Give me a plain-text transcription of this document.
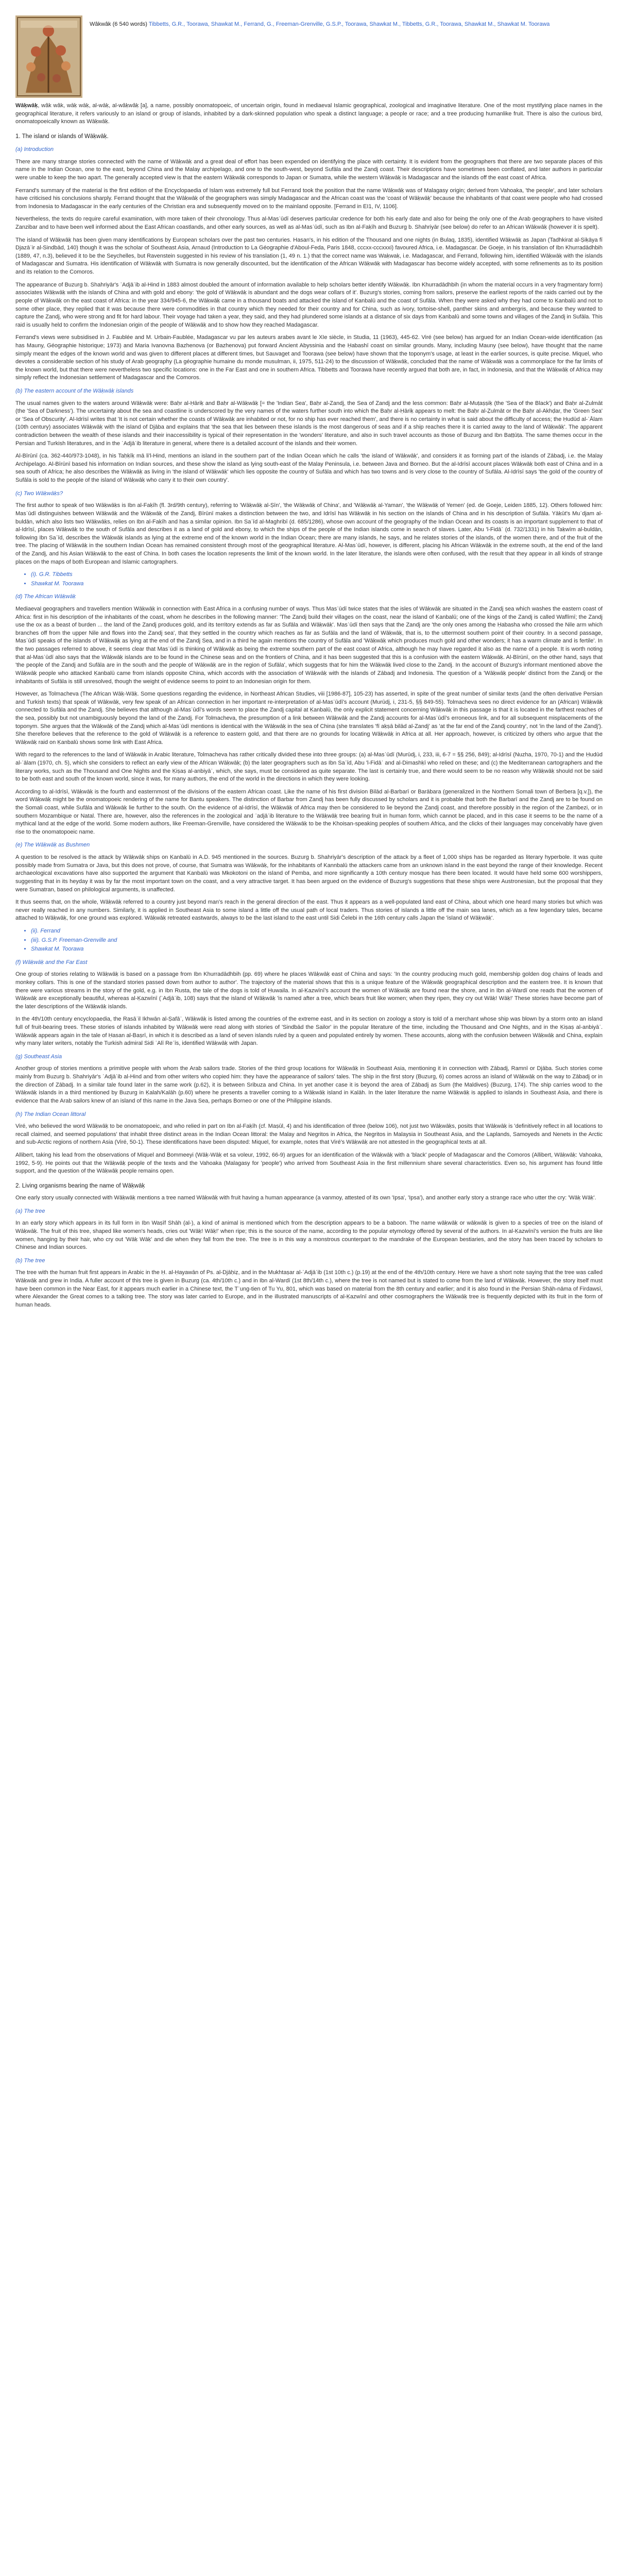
Wâkwâk (6 540 words) Tibbetts, G.R., Toorawa, Shawkat M., Ferrand, G., Freeman-Grenville, G.S.P., Toorawa, Shawkat M., Tibbetts, G.R., Toorawa, Shawkat M., Shawkat M. Toorawa

Wāḳwāḳ, wâk wâk, wāḳ wāḳ, al-wāḳ, al-wâḳwâḳ [a], a name, possibly onomatopoeic, of uncertain origin, found in mediaeval Islamic geographical, zoological and imaginative literature. One of the most mystifying place names in the geographical literature, it refers variously to an island or group of islands, inhabited by a dark-skinned population who speak a distinct language; a people or race; and a tree producing humanlike fruit. There is also the curious bird, onomatopoeically known as Wāḳwāḳ.

1. The island or islands of Wāḳwāḳ.
(a) Introduction

There are many strange stories connected with the name of Wāḳwāḳ and a great deal of effort has been expended on identifying the place with certainty. It is evident from the geographers that there are two separate places of this name in the Indian Ocean, one to the east, beyond China and the Malay archipelago, and one to the south-west, beyond Sufāla and the Zandj coast. Their descriptions have sometimes been conflated, and later authors in particular were unable to keep the two apart. The generally accepted view is that the eastern Wāḳwāḳ corresponds to Japan or Sumatra, while the western Wāḳwāḳ is Madagascar and the islands off the east coast of Africa.

Ferrand's summary of the material is the first edition of the Encyclopaedia of Islam was extremely full but Ferrand took the position that the name Wāḳwāḳ was of Malagasy origin; derived from Vahoaka, 'the people', and later scholars have criticised his conclusions sharply. Ferrand thought that the Wāḳwāḳ of the geographers was simply Madagascar and the African coast was the 'coast of Wāḳwāḳ' because the inhabitants of that coast were people who had crossed from Indonesia to Madagascar in the early centuries of the Christian era and subsequently moved on to the mainland opposite. [Ferrand in EI1, IV, 1106].

Nevertheless, the texts do require careful examination, with more taken of their chronology. Thus al-Masʿūdī deserves particular credence for both his early date and also for being the only one of the Arab geographers to have visited Zanzibar and to have been well informed about the East African coastlands, and other early sources, as well as al-Masʿūdī, such as Ibn al-Faḳīh and Buzurg b. Shahriyār (see below) do refer to an African Wāḳwāḳ (however it is spelt).

The island of Wāḳwāḳ has been given many identifications by European scholars over the past two centuries. Hasan's, in his edition of the Thousand and one nights (in Bulaq, 1835), identified Wāḳwāḳ as Japan (Tadhkirat al-Ṣiḳāya fī Djazāʾir al-Sindbād, 140) though it was the scholar of Southeast Asia, Arnaud (Introduction to La Géographie d'Aboul-Feda, Paris 1848, cccxx-cccxxxi) favoured Africa, i.e. Madagascar. De Goeje, in his translation of Ibn Khurradādhbih (1889, 47, n.3), believed it to be the Seychelles, but Ravenstein suggested in his review of his translation (1, 49 n. 1.) that the correct name was Waḳwaḳ, i.e. Madagascar, and Ferrand, following him, identified Wāḳwāḳ with the islands of Madagascar and Sumatra. His identification of Wāḳwāḳ with Sumatra is now generally discounted, but the identification of the African Wāḳwāḳ with Madagascar has become widely accepted, with some refinements as to its position and its relation to the Comoros.

The appearance of Buzurg b. Shahriyār's ʿAdjāʾib al-Hind in 1883 almost doubled the amount of information available to help scholars better identify Wāḳwāḳ. Ibn Khurradādhbih (in whom the material occurs in a very fragmentary form) associates Wāḳwāḳ with the islands of China and with gold and ebony: 'the gold of Wāḳwāḳ is abundant and the dogs wear collars of it'. Buzurg's stories, coming from sailors, preserve the earliest reports of the raids carried out by the people of Wāḳwāḳ on the east coast of Africa: in the year 334/945-6, the Wāḳwāḳ came in a thousand boats and attacked the island of Ḳanbalū and the coast of Sufāla. When they were asked why they had come to Ḳanbalū and not to some other place, they replied that it was because there were commodities in that country which they needed for their country and for China, such as ivory, tortoise-shell, panther skins and ambergris, and because they wanted to capture the Zandj, who were strong and fit for hard labour. Their voyage had taken a year, they said, and they had plundered some islands at a distance of six days from Ḳanbalū and some towns and villages of the Zandj in Sufāla. This raid is usually held to confirm the Indonesian origin of the people of Wāḳwāḳ and to show how they reached Madagascar.

Ferrand's views were subsidised in J. Faublée and M. Urbain-Faublée, Madagascar vu par les auteurs arabes avant le XIe siècle, in Studia, 11 (1963), 445-62. Viré (see below) has argued for an Indian Ocean-wide identification (as has Mauny, Géographie historique; 1973) and Maria Ivanovna Bazhenova (or Bazhenova) put forward Ancient Abyssinia and the Ḥabashī coast on similar grounds. Many, including Mauny (see below), have thought that the name simply meant the edges of the known world and was given to different places at different times, but Sauvaget and Toorawa (see below) have shown that the toponym's usage, at least in the earlier sources, is quite precise. Miquel, who devotes a considerable section of his study of Arab geography (La géographie humaine du monde musulman, ii, 1975, 511-24) to the discussion of Wāḳwāḳ, concluded that the name of Wāḳwāḳ was a commonplace for the far limits of the known world, but that there were nevertheless two specific locations: one in the Far East and one in southern Africa. Tibbetts and Toorawa have recently argued that both are, in fact, in Indonesia, and that the Wāḳwāḳ of Africa may simply reflect the Indonesian settlement of Madagascar and the Comoros.

(b) The eastern account of the Wāḳwāḳ islands

The usual names given to the waters around Wāḳwāḳ were: Baḥr al-Ḥāriḳ and Baḥr al-Wāḳwāḳ [= the 'Indian Sea', Baḥr al-Zandj, the Sea of Zandj and the less common: Baḥr al-Muṭaṣṣiḳ (the 'Sea of the Black') and Baḥr al-Zulmāt (the 'Sea of Darkness'). The uncertainty about the sea and coastline is underscored by the very names of the waters further south into which the Baḥr al-Ḥāriḳ appears to melt: the Baḥr al-Ẓulmāt or the Baḥr al-Akhḍar, the 'Green Sea' or 'Sea of Obscurity'. Al-Idrīsī writes that 'It is not certain whether the coasts of Wāḳwāḳ are inhabited or not, for no ship has ever reached them', and there is no certainty in what is said about the difficulty of access; the Ḥudūd al-ʿĀlam (10th century) associates Wāḳwāḳ with the island of Djāba and explains that 'the sea that lies between these islands is the most dangerous of seas and if a ship reaches there it is carried away to the land of Wāḳwāḳ'. The apparent contradiction between the wealth of these islands and their inaccessibility is typical of their representation in the 'wonders' literature, and also in such travel accounts as those of Buzurg and Ibn Baṭṭūṭa. The same themes occur in the Persian and Turkish literatures, and in the ʿAdjāʾib literature in general, where there is a detailed account of the islands and their women.

Al-Bīrūnī (ca. 362-440/973-1048), in his Taḥḳīḳ mā li'l-Hind, mentions an island in the southern part of the Indian Ocean which he calls 'the island of Wāḳwāḳ', and considers it as forming part of the islands of Zābadj, i.e. the Malay Archipelago. Al-Bīrūnī based his information on Indian sources, and these show the island as lying south-east of the Malay Peninsula, i.e. between Java and Borneo. But the al-Idrīsī account places Wāḳwāḳ both east of China and in a sea south of Africa; he also describes the Wāḳwāḳ as living in 'the island of Wāḳwāḳ' which lies opposite the country of Sufāla and which has two towns and is very close to the country of Sufāla. Al-Idrīsī says 'the gold of the country of Sufāla is sold to the people of the island of Wāḳwāḳ who carry it to their own country'.

(c) Two Wāḳwāḳs?

The first author to speak of two Wāḳwāḳs is Ibn al-Faḳīh (fl. 3rd/9th century), referring to 'Wāḳwāḳ al-Ṣīn', 'the Wāḳwāḳ of China', and 'Wāḳwāḳ al-Yaman', 'the Wāḳwāḳ of Yemen' (ed. de Goeje, Leiden 1885, 12). Others followed him: Masʿūdī distinguishes between Wāḳwāḳ and the Wāḳwāḳ of the Zandj, Bīrūnī makes a distinction between the two, and Idrīsī has Wāḳwāḳ in his section on the islands of China and in his description of Sufāla. Yāḳūt's Muʿdjam al-buldān, which also lists two Wāḳwāḳs, relies on Ibn al-Faḳīh and has a similar opinion. Ibn Saʿīd al-Maghribī (d. 685/1286), whose own account of the geography of the Indian Ocean and its coasts is an important supplement to that of al-Idrīsī, places Wāḳwāḳ to the south of Sufāla and describes it as a land of gold and ebony, to which the ships of the people of the Indian islands come in search of slaves. Later, Abu 'l-Fidāʾ (d. 732/1331) in his Taḳwīm al-buldān, following Ibn Saʿīd, describes the Wāḳwāḳ islands as lying at the extreme end of the known world in the Indian Ocean; there are many islands, he says, and he relates stories of the islands, of the women there, and of the fruit of the tree. The placing of Wāḳwāḳ in the southern Indian Ocean has remained consistent through most of the geographical literature. Al-Masʿūdī, however, is different, placing his African Wāḳwāḳ in the extreme south, at the end of the land of the Zandj, and his Asian Wāḳwāḳ to the east of China. In both cases the location represents the limit of the known world. In the later literature, the islands were often confused, with the result that they appear in all kinds of strange places on the maps of both European and Islamic cartographers.

• (i). G.R. Tibbetts
• Shawkat M. Toorawa
(d) The African Wāḳwāḳ

Mediaeval geographers and travellers mention Wāḳwāḳ in connection with East Africa in a confusing number of ways. Thus Masʿūdī twice states that the isles of Wāḳwāḳ are situated in the Zandj sea which washes the eastern coast of Africa: first in his description of the inhabitants of the coast, whom he describes in the following manner: 'The Zandj build their villages on the coast, near the island of Ḳanbalū; one of the kings of the Zandj is called Waflīmī; the Zandj use the ox as a beast of burden ... the land of the Zandj produces gold, and its territory extends as far as Sufāla and Wāḳwāḳ'. Masʿūdī then says that the Zandj are 'the only ones among the Ḥabasha who crossed the Nile arm which branches off from the upper Nile and flows into the Zandj sea', that they settled in the country which reaches as far as Sufāla and the land of Wāḳwāḳ, that is, to the uttermost southern point of their country. In a second passage, Masʿūdī speaks of the islands of Wāḳwāḳ as lying at the end of the Zandj Sea, and in a third he again mentions the country of Sufāla and 'Wāḳwāḳ which produces much gold and other wonders; it has a warm climate and is fertile'. In the two passages referred to above, it seems clear that Masʿūdī is thinking of Wāḳwāḳ as being the extreme southern part of the east coast of Africa, although he may have regarded it also as the name of a people. It is worth noting that al-Masʿūdī also says that the Wāḳwāḳ islands are to be found in the Chinese seas and on the frontiers of China, and it has been suggested that this is a confusion with the eastern Wāḳwāḳ. Al-Bīrūnī, on the other hand, says that 'the people of the Zandj and Sufāla are in the south and the people of Wāḳwāḳ are in the region of Sufāla', which suggests that for him the Wāḳwāḳ lived close to the Zandj. In the account of Buzurg's informant mentioned above the Wāḳwāḳ people who attacked Ḳanbalū came from islands opposite China, which accords with the association of Wāḳwāḳ with the islands of Zābadj and Indonesia. The question of a 'Wāḳwāḳ people' distinct from the Zandj or the inhabitants of Sufāla is still unresolved, though the weight of evidence seems to point to an Indonesian origin for them.

However, as Tolmacheva (The African Wāḳ-Wāḳ. Some questions regarding the evidence, in Northeast African Studies, viii [1986-87], 105-23) has asserted, in spite of the great number of similar texts (and the often derivative Persian and Turkish texts) that speak of Wāḳwāḳ, very few speak of an African connection in her important re-interpretation of al-Masʿūdī's account (Murūdj, i, 231-5, §§ 849-55). Tolmacheva sees no direct evidence for an (African) Wāḳwāḳ connected to Sufāla and the Zandj. She believes that although al-Masʿūdī's words seem to place the Zandj capital at Ḳanbalū, the only explicit statement concerning Wāḳwāḳ in this passage is that it is located in the farthest reaches of the sea, possibly but not unambiguously beyond the land of the Zandj. For Tolmacheva, the presumption of a link between Wāḳwāḳ and the Zandj accounts for al-Masʿūdī's erroneous link, and for all subsequent misplacements of the toponym. She argues that the Wāḳwāḳ of the Zandj which al-Masʿūdī mentions is identical with the Wāḳwāḳ in the sea of China (she translates 'fī aḳṣā bilād al-Zandj' as 'at the far end of the Zandj country', not 'in the land of the Zandj'). She therefore believes that the reference to the gold of Wāḳwāḳ is a reference to eastern gold, and that there are no grounds for locating Wāḳwāḳ in Africa at all. Her approach, however, is criticized by others who argue that the Wāḳwāḳ raid on Ḳanbalū shows some link with East Africa.

With regard to the references to the land of Wāḳwāḳ in Arabic literature, Tolmacheva has rather critically divided these into three groups: (a) al-Masʿūdī (Murūdj, i, 233, iii, 6-7 = §§ 256, 849); al-Idrīsī (Nuzha, 1970, 70-1) and the Ḥudūd al-ʿālam (1970, ch. 5), which she considers to reflect an early view of the African Wāḳwāḳ; (b) the later geographers such as Ibn Saʿīd, Abu 'l-Fidāʾ and al-Dimashḳī who relied on these; and (c) the Mediterranean cartographers and the literary works, such as the Thousand and One Nights and the Ḳiṣaṣ al-anbiyāʾ, which, she says, must be considered as quite separate. The last is certainly true, and there would seem to be no reason why Wāḳwāḳ should not be said to be both east and south of the known world, since it was, for many authors, the end of the world in the directions in which they were looking.

According to al-Idrīsī, Wāḳwāḳ is the fourth and easternmost of the divisions of the eastern African coast. Like the name of his first division Bilād al-Barbarī or Barābara (generalized in the Northern Somali town of Berbera [q.v.]), the word Wāḳwāḳ might be the onomatopoeic rendering of the name for Bantu speakers. The distinction of Barbar from Zandj has been fully discussed by scholars and it is probable that both the Barbarī and the Zandj are to be found on the Somali coast, while Sufāla and Wāḳwāḳ lie further to the south. On the evidence of al-Idrīsī, the Wāḳwāḳ of Africa may then be considered to lie beyond the Zandj coast, and therefore possibly in the region of the Zambezi, or in southern Mozambique or Natal. There are, however, also the references in the zoological and ʿadjāʾib literature to the Wāḳwāḳ tree bearing fruit in human form, which cannot be placed, and in this case it seems to be the name of a mythical land at the edge of the world. Some modern authors, like Freeman-Grenville, have considered the Wāḳwāḳ to be the Khoisan-speaking peoples of southern Africa, and the clicks of their languages may conceivably have given rise to the onomatopoeic name.

(e) The Wāḳwāḳ as Bushmen

A question to be resolved is the attack by Wāḳwāḳ ships on Ḳanbalū in A.D. 945 mentioned in the sources. Buzurg b. Shahriyār's description of the attack by a fleet of 1,000 ships has be regarded as literary hyperbole. It was quite possibly made from Sumatra or Java, but this does not prove, of course, that Sumatra was Wāḳwāḳ, for the inhabitants of Kannbalū the attackers came from an unknown island in the east beyond the range of their knowledge. Recent archaeological excavations have also supported the argument that Kanbalū was Mkokotoni on the island of Pemba, and more significantly a 10th century mosque has there been located. It would have held some 600 worshippers, suggesting that in its heyday it was by far the most important town on the coast, and a very attractive target. It has been argued on the evidence of Buzurg's suggestions that these ships were Austronesian, but the proposal that they were Sumatran, based on philological arguments, is unaffected.

It thus seems that, on the whole, Wāḳwāḳ referred to a country just beyond man's reach in the general direction of the east. Thus it appears as a well-populated land east of China, about which one heard many stories but which was never really reached in any numbers. Similarly, it is applied in Southeast Asia to some island a little off the usual path of local traders. Thus stories of islands a little off the main sea lanes, which as a few legendary tales, became attached to Wāḳwāḳ, for one ground was explored. Wāḳwāḳ retreated eastwards, always to be the last island to the east until Sidi Čelebi in the 16th century calls Japan the 'island of Wāḳwāḳ'.

• (ii). Ferrand
• (iii). G.S.P. Freeman-Grenville and
• Shawkat M. Toorawa
(f) Wāḳwāḳ and the Far East

One group of stories relating to Wāḳwāḳ is based on a passage from Ibn Khurradādhbih (pp. 69) where he places Wāḳwāḳ east of China and says: 'In the country producing much gold, membership golden dog chains of leads and monkey collars. This is one of the standard stories passed down from author to author'. The trajectory of the material shows that this is a unique feature of the Wāḳwāḳ geographical description and the eastern tree. It is known that there were various streams in the story of the gold, e.g. in Ibn Rusta, the tale of the dogs is told of Ḥuwaila. In al-Ḳazwīnī's account the women of Wāḳwāḳ are found near the shore, and in Ibn al-Wardī one reads that the women of Wāḳwāḳ are exceptionally beautiful, whereas al-Ḳazwīnī (ʿAdjāʾib, 108) says that the island of Wāḳwāḳ 'is named after a tree, which bears fruit like women; when they ripen, they cry out Wāḳ! Wāḳ!' These stories have become part of the later descriptions of the Wāḳwāḳ islands.

In the 4th/10th century encyclopaedia, the Rasāʾil Ikhwān al-Ṣafāʾ, Wāḳwāḳ is listed among the countries of the extreme east, and in its section on zoology a story is told of a merchant whose ship was blown by a storm onto an island full of fruit-bearing trees. These stories of islands inhabited by Wāḳwāḳ were read along with stories of 'Sindbād the Sailor' in the popular literature of the time, including the Thousand and One Nights, and in the Ḳiṣaṣ al-anbiyāʾ. Wāḳwāḳ appears again in the tale of Ḥasan al-Baṣrī, in which it is described as a land of seven islands ruled by a queen and populated entirely by women. These accounts, along with the confusion between Wāḳwāḳ and China, explain why many later writers, notably the Turkish admiral Sidi ʿAlī Reʾīs, identified Wāḳwāḳ with Japan.

(g) Southeast Asia

Another group of stories mentions a primitive people with whom the Arab sailors trade. Stories of the third group locations for Wāḳwāḳ in Southeast Asia, mentioning it in connection with Zābadj, Ramnī or Djāba. Such stories come mainly from Buzurg b. Shahriyār's ʿAdjāʾib al-Hind and from other writers who copied him: they have the appearance of sailors' tales. The ship in the first story (Buzurg, 6) comes across an island of Wāḳwāḳ on the way to Zābadj or in the direction of Zābadj. In a similar tale found later in the same work (p.62), it is between Sribuza and China. In yet another case it is beyond the area of Zābadj as Sum (the Maldives) (Buzurg, 174). The ship carries wood to the Wāḳwāḳ islands in a third mentioned by Buzurg in Ḳalah/Kalāh (p.60) where he presents a traveller coming to a Wāḳwāḳ island in Kalāh. In the later literature the name Wāḳwāḳ is applied to islands in Southeast Asia, and there is evidence that the Arab sailors knew of an island of this name in the Java Sea, perhaps Borneo or one of the Philippine islands.

(h) The Indian Ocean littoral

Viré, who believed the word Wāḳwāḳ to be onomatopoeic, and who relied in part on Ibn al-Faḳīh (cf. Maṣūl, 4) and his identification of three (below 106), not just two Wāḳwāḳs, posits that Wāḳwāḳ is 'definitively reflect in all locations to recall claimed, and seemed populations' that inhabit three distinct areas in the Indian Ocean littoral: the Malay and Negritos in Africa, the Negritos in Malaysia in Southeast Asia, and the Laplands, Samoyeds and Nenets in the Arctic and sub-Arctic regions of northern Asia (Viré, 50-1). These identifications have been disputed: Miquel, for example, notes that Viré's Wāḳwāḳ are not attested in the geographical texts at all.

Allibert, taking his lead from the observations of Miquel and Bommeeyi (Wāḳ-Wāḳ et sa voleur, 1992, 66-9) argues for an identification of the Wāḳwāḳ with a 'black' people of Madagascar and the Comoros (Allibert, Wāḳwāḳ: Vahoaka, 1992, 5-9). He points out that the Wāḳwāḳ people of the texts and the Vahoaka (Malagasy for 'people') who arrived from Southeast Asia in the first millennium share several characteristics. Even so, his argument has found little support, and the question of the Wāḳwāḳ people remains open.

2. Living organisms bearing the name of Wāḳwāḳ

One early story usually connected with Wāḳwāḳ mentions a tree named Wāḳwāḳ with fruit having a human appearance (a vanmoy, attested of its own 'Ipsa', 'Ipsa'), and another early story a strange race who utter the cry: 'Wāḳ Wāḳ'.

(a) The tree

In an early story which appears in its full form in Ibn Waṣīf Shāh (al-), a kind of animal is mentioned which from the description appears to be a baboon. The name wāḳwāḳ or wāḳwāḳ is given to a species of tree on the island of Wāḳwāḳ. The fruit of this tree, shaped like women's heads, cries out 'Wāḳ! Wāḳ!' when ripe; this is the source of the name, according to the popular etymology offered by several of the authors. In al-Ḳazwīnī's version the fruits are like women, hanging by their hair, who cry out 'Wāḳ Wāḳ' and die when they fall from the tree. The tree is in this way a monstrous counterpart to the mandrake of the European bestiaries, and the story has been traced by scholars to Chinese and Indian sources.

(b) The tree

The tree with the human fruit first appears in Arabic in the Ḥ. al-Ḥayawān of Ps. al-Djāḥiẓ, and in the Mukhtaṣar al-ʿAdjāʾib (1st 10th c.) (p.19) at the end of the 4th/10th century. Here we have a short note saying that the tree was called Wāḳwāḳ and grew in India. A fuller account of this tree is given in Buzurg (ca. 4th/10th c.) and in Ibn al-Wardī (1st 8th/14th c.), where the tree is not named but is stated to come from the land of Wāḳwāḳ. However, the story itself must have been common in the Near East, for it appears much earlier in a Chinese text, the Tʿung-tien of Tu Yu, 801, which was based on material from the 8th century and earlier; and it is also found in the Persian Shāh-nāma of Firdawsī, where Alexander the Great comes to a talking tree. The story was later carried to Europe, and in the illustrated manuscripts of al-Ḳazwīnī and other cosmographers the Wāḳwāḳ tree is frequently depicted with its fruit in the form of human heads.
